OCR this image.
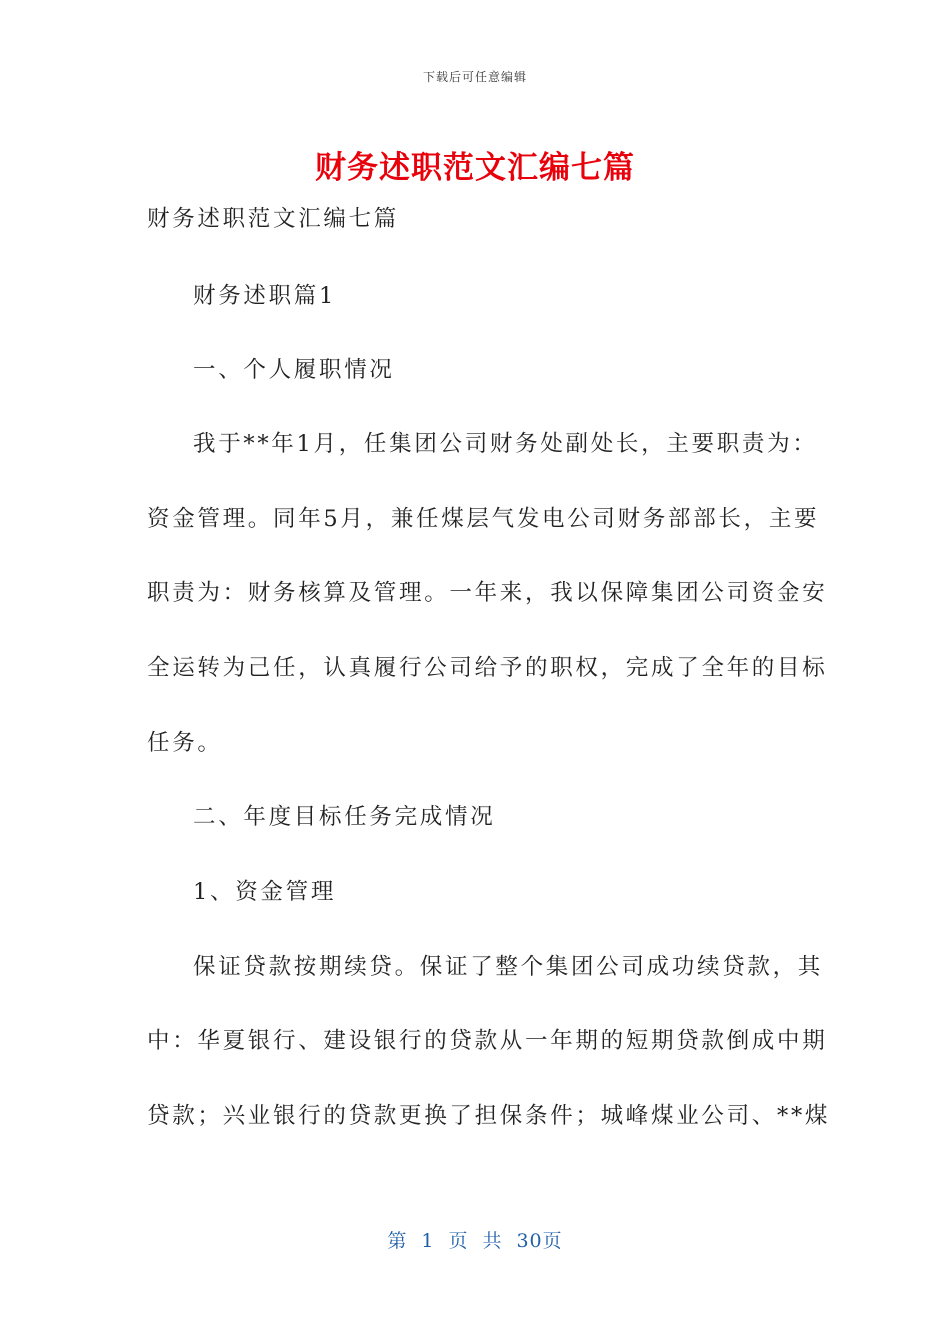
下载后可任意编辑
财务述职范文汇编七篇
财务述职范文汇编七篇
财务述职篇1
一、个人履职情况
我于**年1月，任集团公司财务处副处长，主要职责为：
资金管理。同年5月，兼任煤层气发电公司财务部部长，主要
职责为：财务核算及管理。一年来，我以保障集团公司资金安
全运转为己任，认真履行公司给予的职权，完成了全年的目标
任务。
二、年度目标任务完成情况
1、资金管理
保证贷款按期续贷。保证了整个集团公司成功续贷款，其
中：华夏银行、建设银行的贷款从一年期的短期贷款倒成中期
贷款；兴业银行的贷款更换了担保条件；城峰煤业公司、**煤
第 1 页 共 30页
